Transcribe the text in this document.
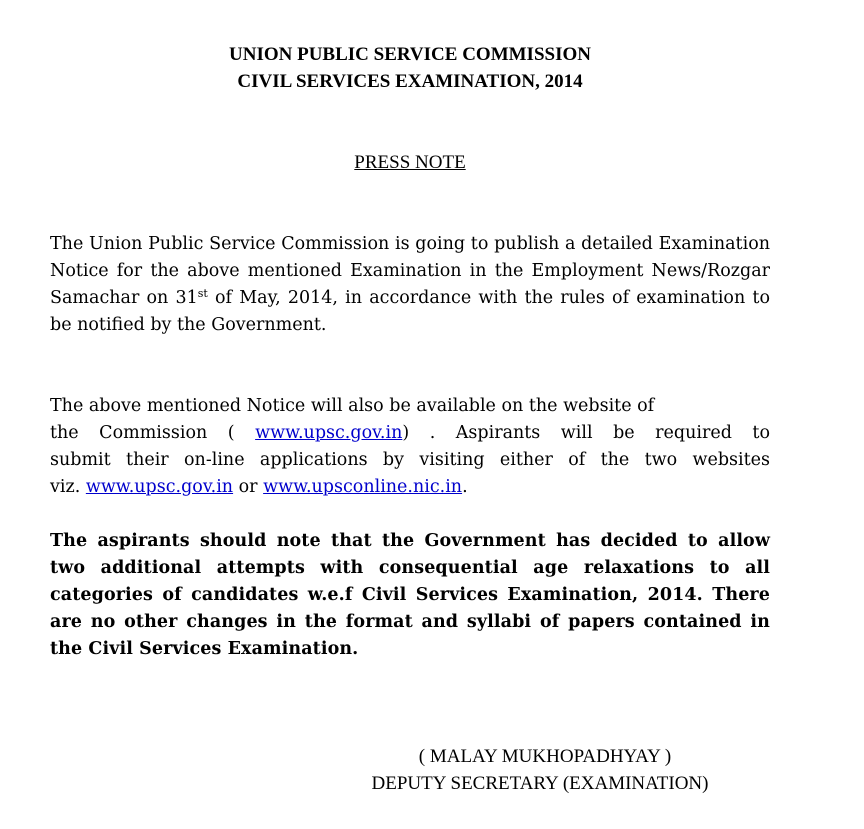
UNION PUBLIC SERVICE COMMISSION
CIVIL SERVICES EXAMINATION, 2014
PRESS NOTE
The Union Public Service Commission is going to publish a detailed Examination Notice for the above mentioned Examination in the Employment News/Rozgar Samachar on 31st of May, 2014, in accordance with the rules of examination to be notified by the Government.
The above mentioned Notice will also be available on the website of
the Commission ( www.upsc.gov.in) . Aspirants will be required to
submit their on-line applications by visiting either of the two websites
viz. www.upsc.gov.in or www.upsconline.nic.in.
The aspirants should note that the Government has decided to allow two additional attempts with consequential age relaxations to all categories of candidates w.e.f Civil Services Examination, 2014. There are no other changes in the format and syllabi of papers contained in the Civil Services Examination.
( MALAY MUKHOPADHYAY )
DEPUTY SECRETARY (EXAMINATION)
